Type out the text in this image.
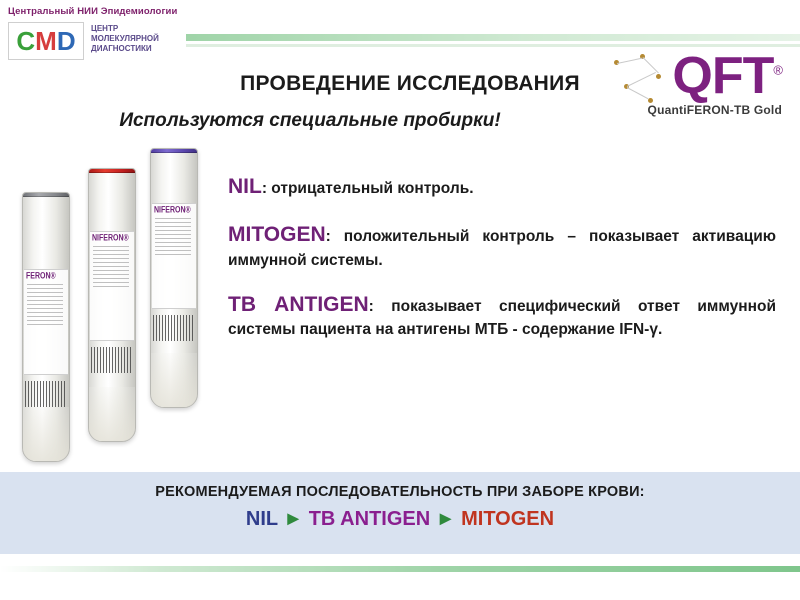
Центральный НИИ Эпидемиологии
C M D ЦЕНТР
МОЛЕКУЛЯРНОЙ
ДИАГНОСТИКИ	QFT®
QuantiFERON-TB Gold
ПРОВЕДЕНИЕ ИССЛЕДОВАНИЯ
Используются специальные пробирки!
FERON®
NIFERON®
NIFERON®
NIL: отрицательный контроль.
MITOGEN: положительный контроль – показывает активацию иммунной системы.
TB ANTIGEN: показывает специфический ответ иммунной системы пациента на антигены МТБ - содержание IFN-γ.
РЕКОМЕНДУЕМАЯ ПОСЛЕДОВАТЕЛЬНОСТЬ ПРИ ЗАБОРЕ КРОВИ:
NIL ► TB ANTIGEN ► MITOGEN
